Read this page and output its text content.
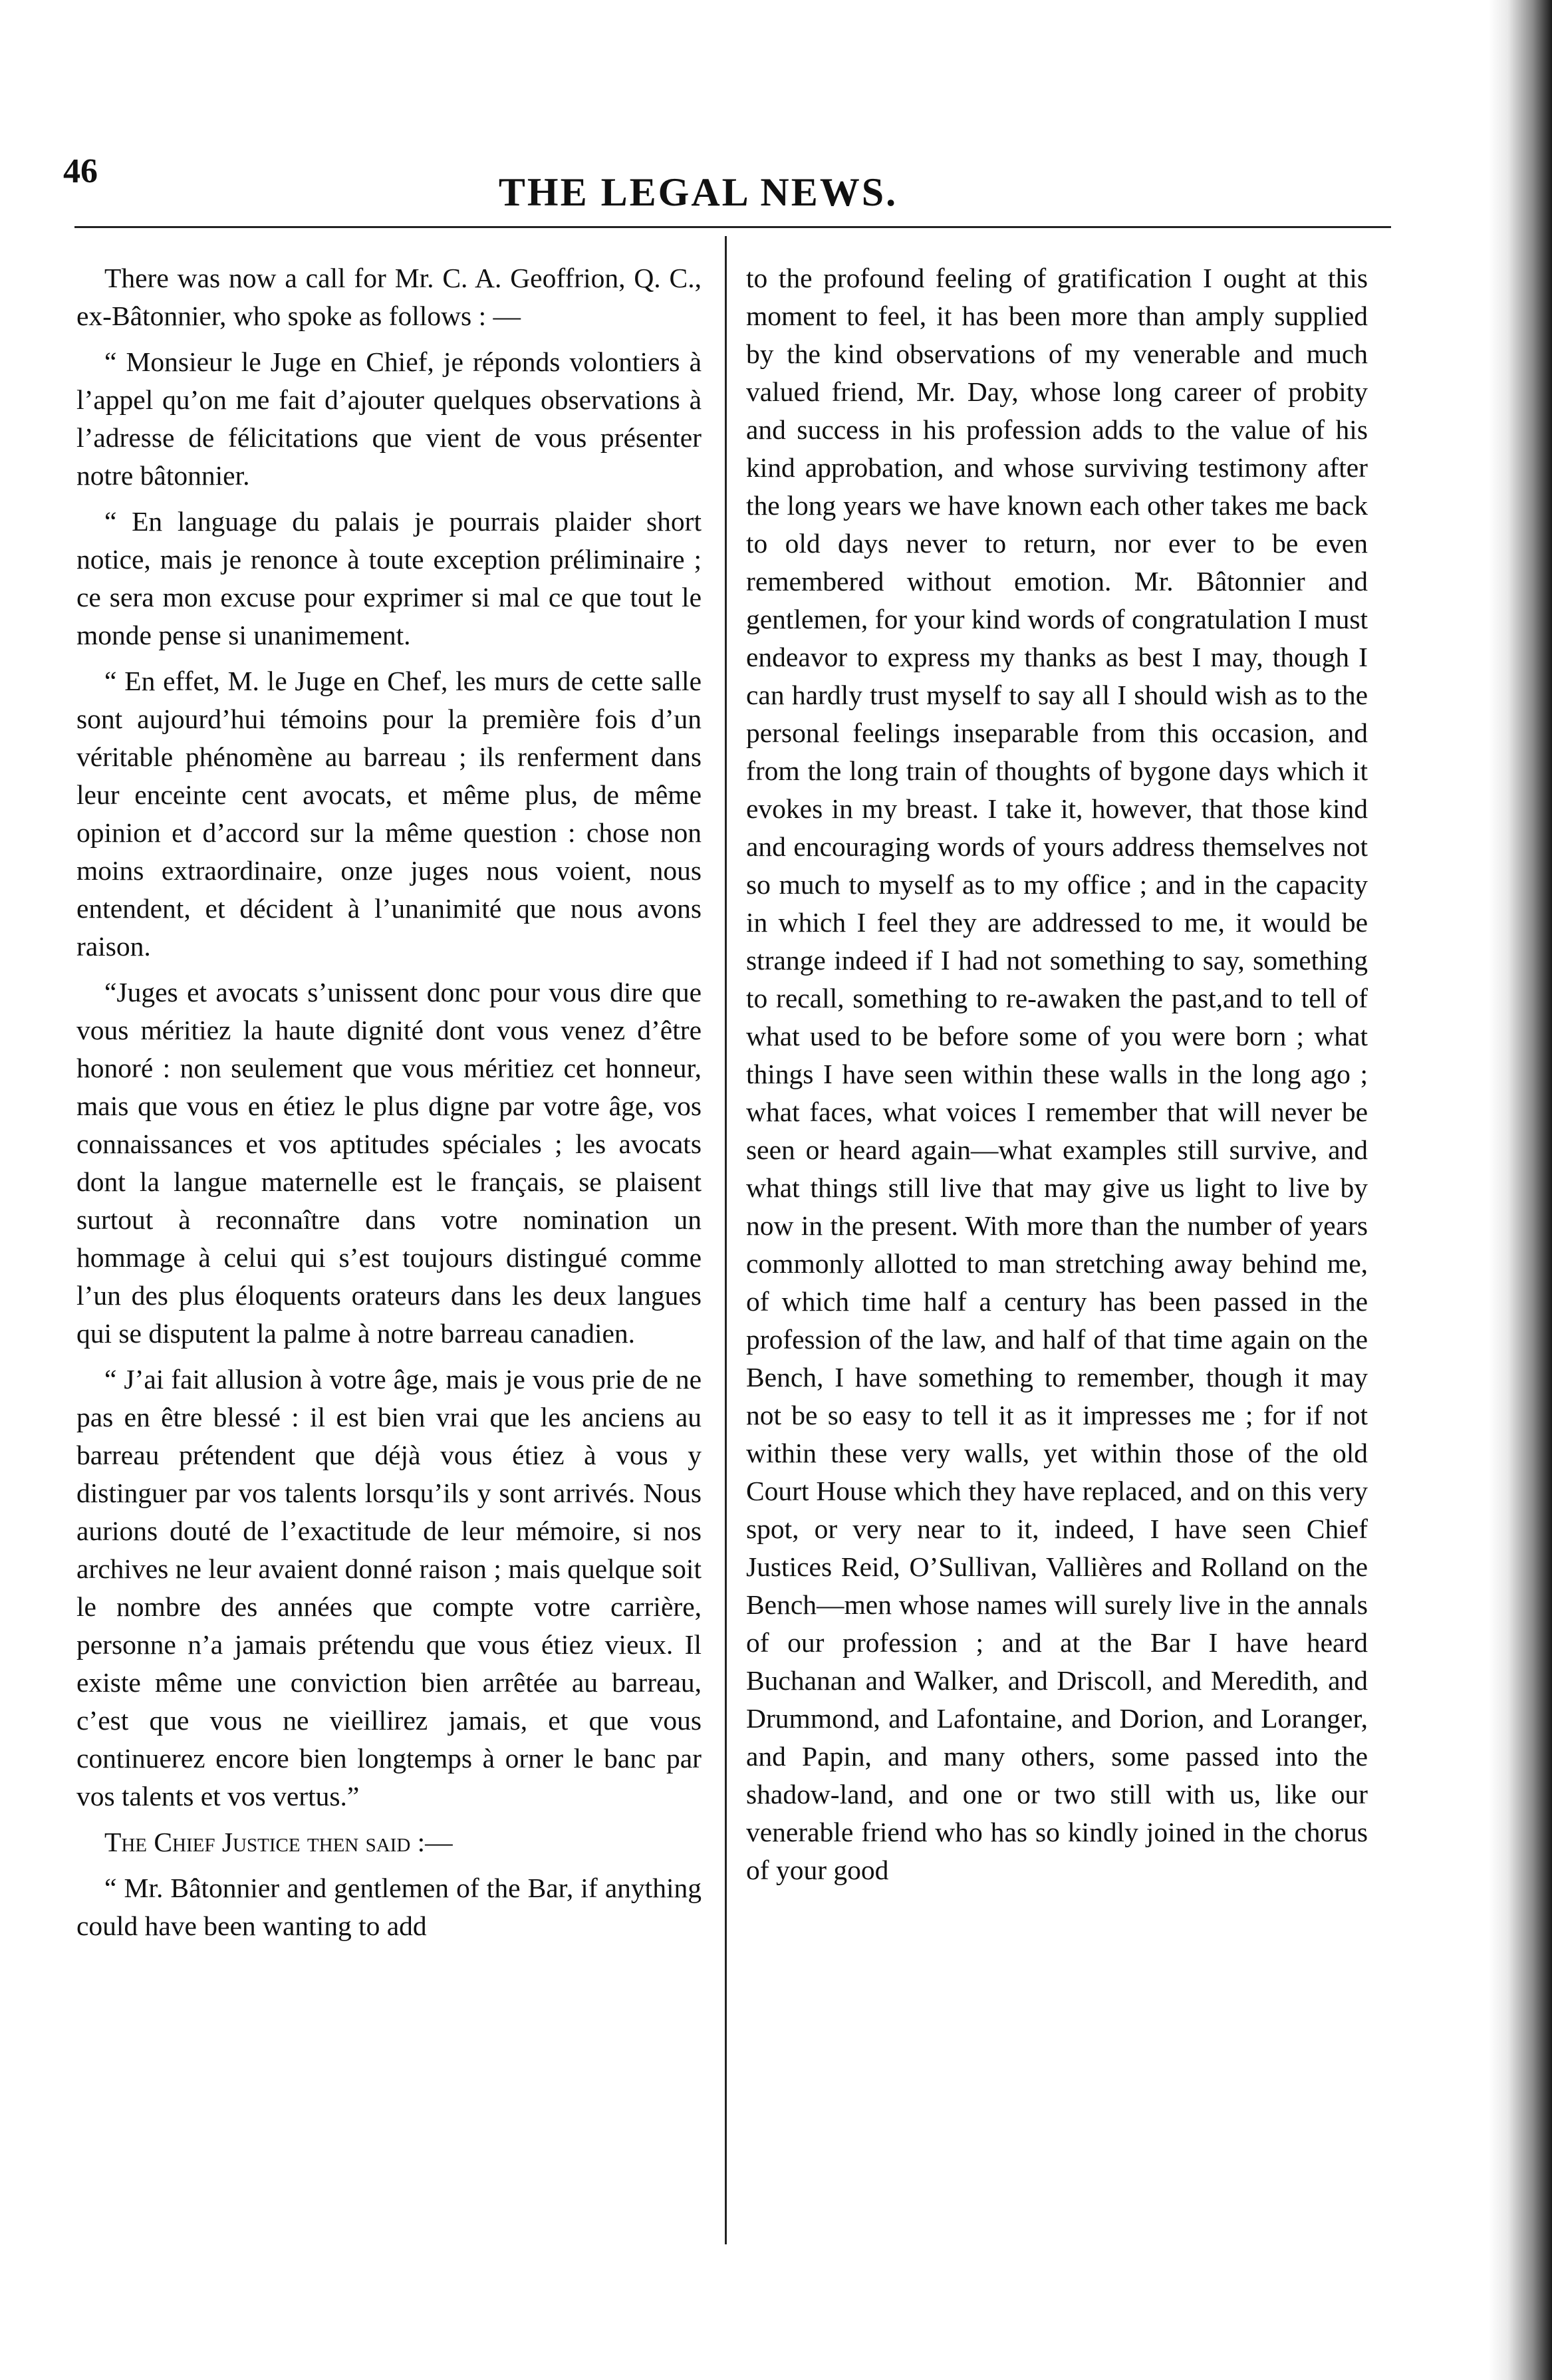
46	THE LEGAL NEWS.

There was now a call for Mr. C. A. Geoffrion, Q. C., ex-Bâtonnier, who spoke as follows : —

“ Monsieur le Juge en Chief, je réponds volontiers à l’appel qu’on me fait d’ajouter quelques observations à l’adresse de félicitations que vient de vous présenter notre bâtonnier.

“ En language du palais je pourrais plaider short notice, mais je renonce à toute exception préliminaire ; ce sera mon excuse pour exprimer si mal ce que tout le monde pense si unanimement.

“ En effet, M. le Juge en Chef, les murs de cette salle sont aujourd’hui témoins pour la première fois d’un véritable phénomène au barreau ; ils renferment dans leur enceinte cent avocats, et même plus, de même opinion et d’accord sur la même question : chose non moins extraordinaire, onze juges nous voient, nous entendent, et décident à l’unanimité que nous avons raison.

“Juges et avocats s’unissent donc pour vous dire que vous méritiez la haute dignité dont vous venez d’être honoré : non seulement que vous méritiez cet honneur, mais que vous en étiez le plus digne par votre âge, vos connaissances et vos aptitudes spéciales ; les avocats dont la langue maternelle est le français, se plaisent surtout à reconnaître dans votre nomination un hommage à celui qui s’est toujours distingué comme l’un des plus éloquents orateurs dans les deux langues qui se disputent la palme à notre barreau canadien.

“ J’ai fait allusion à votre âge, mais je vous prie de ne pas en être blessé : il est bien vrai que les anciens au barreau prétendent que déjà vous étiez à vous y distinguer par vos talents lorsqu’ils y sont arrivés. Nous aurions douté de l’exactitude de leur mémoire, si nos archives ne leur avaient donné raison ; mais quelque soit le nombre des années que compte votre carrière, personne n’a jamais prétendu que vous étiez vieux. Il existe même une conviction bien arrêtée au barreau, c’est que vous ne vieillirez jamais, et que vous continuerez encore bien longtemps à orner le banc par vos talents et vos vertus.”

The Chief Justice then said :—

“ Mr. Bâtonnier and gentlemen of the Bar, if anything could have been wanting to add

to the profound feeling of gratification I ought at this moment to feel, it has been more than amply supplied by the kind observations of my venerable and much valued friend, Mr. Day, whose long career of probity and success in his profession adds to the value of his kind approbation, and whose surviving testimony after the long years we have known each other takes me back to old days never to return, nor ever to be even remembered without emotion. Mr. Bâtonnier and gentlemen, for your kind words of congratulation I must endeavor to express my thanks as best I may, though I can hardly trust myself to say all I should wish as to the personal feelings inseparable from this occasion, and from the long train of thoughts of bygone days which it evokes in my breast. I take it, however, that those kind and encouraging words of yours address themselves not so much to myself as to my office ; and in the capacity in which I feel they are addressed to me, it would be strange indeed if I had not something to say, something to recall, something to re-awaken the past,and to tell of what used to be before some of you were born ; what things I have seen within these walls in the long ago ; what faces, what voices I remember that will never be seen or heard again—what examples still survive, and what things still live that may give us light to live by now in the present. With more than the number of years commonly allotted to man stretching away behind me, of which time half a century has been passed in the profession of the law, and half of that time again on the Bench, I have something to remember, though it may not be so easy to tell it as it impresses me ; for if not within these very walls, yet within those of the old Court House which they have replaced, and on this very spot, or very near to it, indeed, I have seen Chief Justices Reid, O’Sullivan, Vallières and Rolland on the Bench—men whose names will surely live in the annals of our profession ; and at the Bar I have heard Buchanan and Walker, and Driscoll, and Meredith, and Drummond, and Lafontaine, and Dorion, and Loranger, and Papin, and many others, some passed into the shadow-land, and one or two still with us, like our venerable friend who has so kindly joined in the chorus of your good
